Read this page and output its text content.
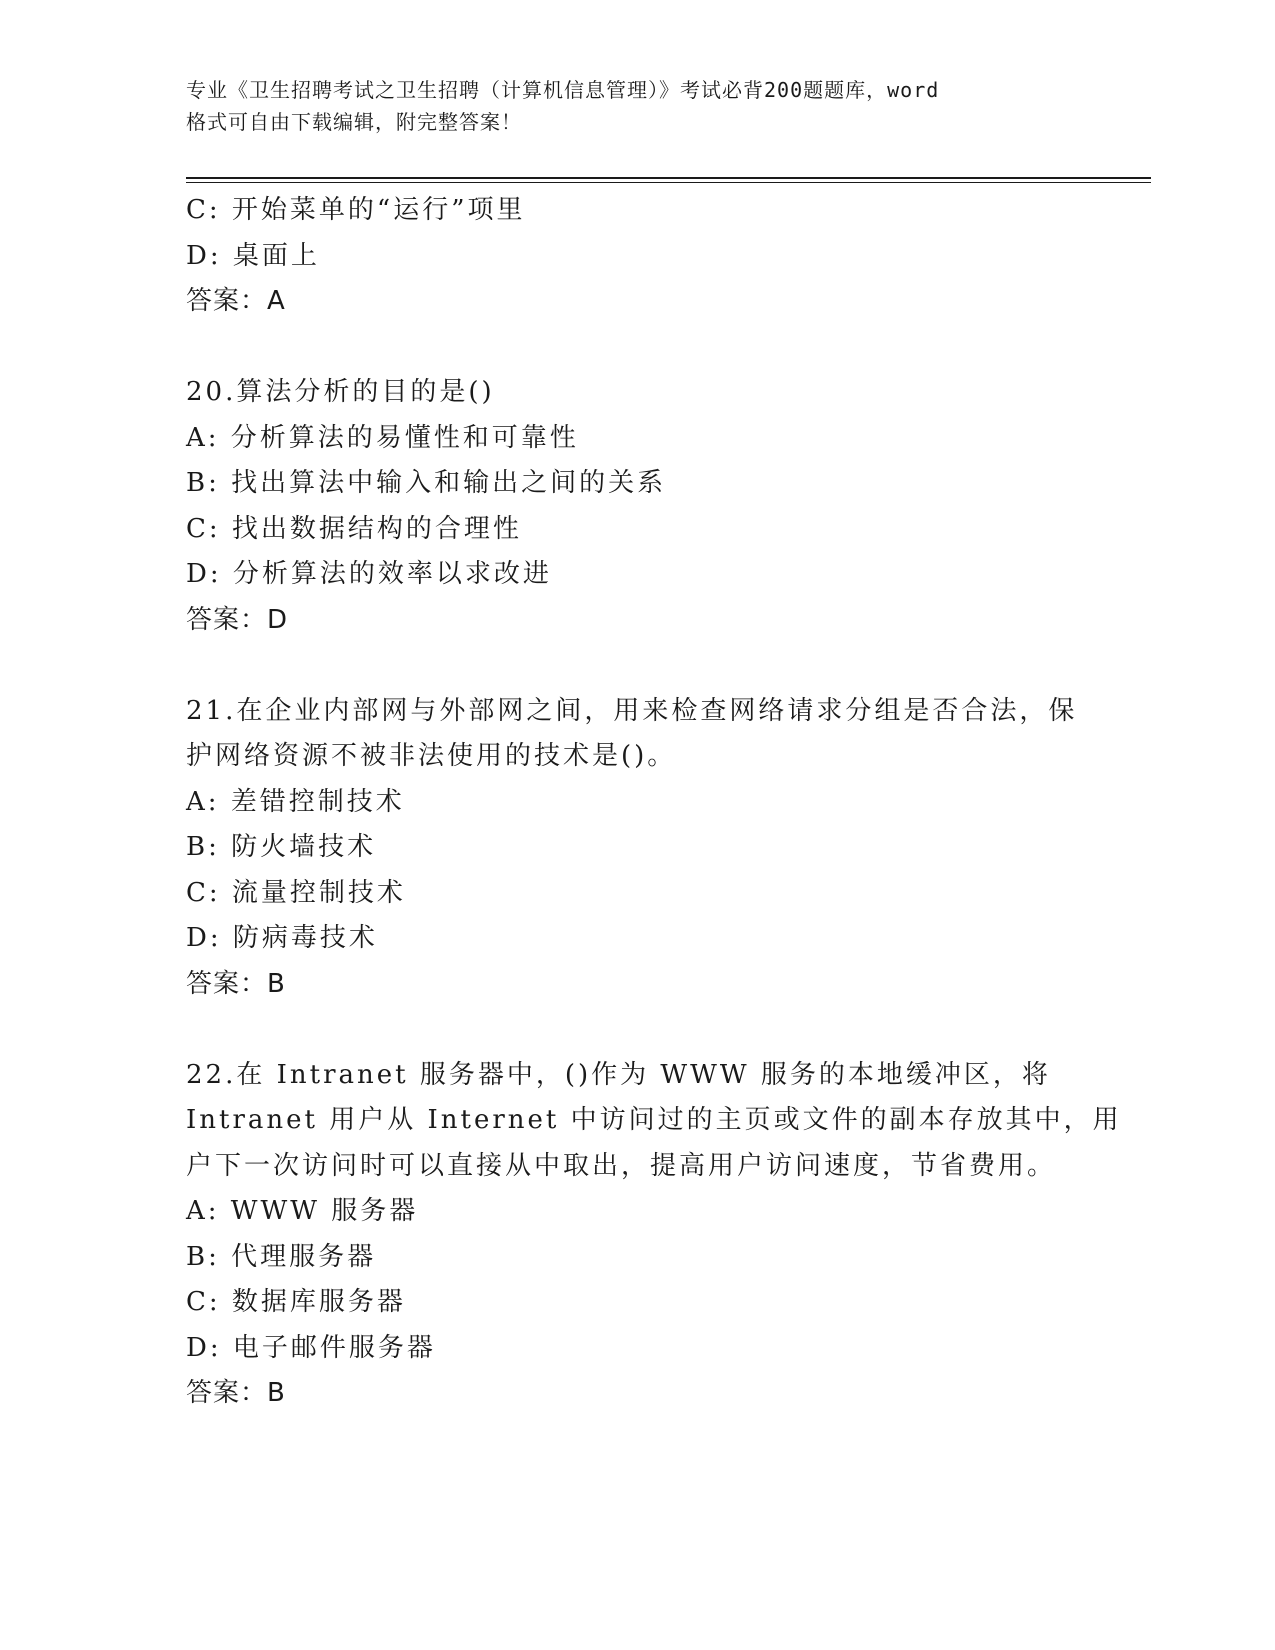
专业《卫生招聘考试之卫生招聘（计算机信息管理）》考试必背200题题库，word
格式可自由下载编辑，附完整答案！
C: 开始菜单的“运行”项里
D: 桌面上
答案：A
20.算法分析的目的是()
A: 分析算法的易懂性和可靠性
B: 找出算法中输入和输出之间的关系
C: 找出数据结构的合理性
D: 分析算法的效率以求改进
答案：D
21.在企业内部网与外部网之间，用来检查网络请求分组是否合法，保
护网络资源不被非法使用的技术是()。
A: 差错控制技术
B: 防火墙技术
C: 流量控制技术
D: 防病毒技术
答案：B
22.在 Intranet 服务器中，()作为 WWW 服务的本地缓冲区，将
Intranet 用户从 Internet 中访问过的主页或文件的副本存放其中，用
户下一次访问时可以直接从中取出，提高用户访问速度，节省费用。
A: WWW 服务器
B: 代理服务器
C: 数据库服务器
D: 电子邮件服务器
答案：B
